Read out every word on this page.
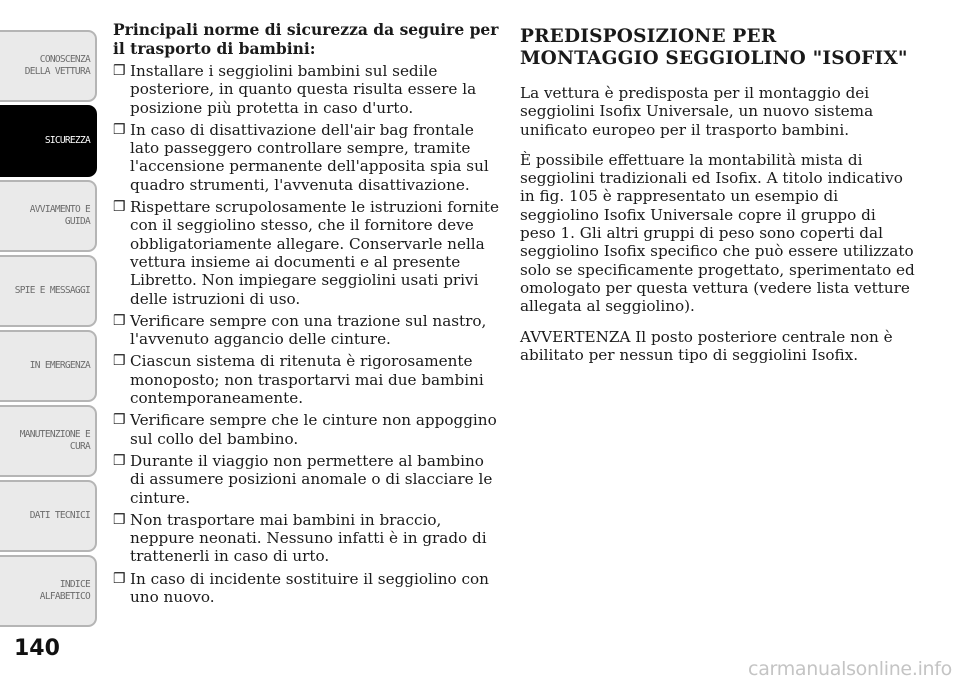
CONOSCENZA
DELLA VETTURA
SICUREZZA
AVVIAMENTO E
GUIDA
SPIE E MESSAGGI
IN EMERGENZA
MANUTENZIONE E
CURA
DATI TECNICI
INDICE
ALFABETICO
140

Principali norme di sicurezza da seguire per il trasporto di bambini:

❒ Installare i seggiolini bambini sul sedile posteriore, in quanto questa risulta essere la posizione più protetta in caso d'urto.
❒ In caso di disattivazione dell'air bag frontale lato passeggero controllare sempre, tramite l'accensione permanente dell'apposita spia sul quadro strumenti, l'avvenuta disattivazione.
❒ Rispettare scrupolosamente le istruzioni fornite con il seggiolino stesso, che il fornitore deve obbligatoriamente allegare. Conservarle nella vettura insieme ai documenti e al presente Libretto. Non impiegare seggiolini usati privi delle istruzioni di uso.
❒ Verificare sempre con una trazione sul nastro, l'avvenuto aggancio delle cinture.
❒ Ciascun sistema di ritenuta è rigorosamente monoposto; non trasportarvi mai due bambini contemporaneamente.
❒ Verificare sempre che le cinture non appoggino sul collo del bambino.
❒ Durante il viaggio non permettere al bambino di assumere posizioni anomale o di slacciare le cinture.
❒ Non trasportare mai bambini in braccio, neppure neonati. Nessuno infatti è in grado di trattenerli in caso di urto.
❒ In caso di incidente sostituire il seggiolino con uno nuovo.
PREDISPOSIZIONE PER MONTAGGIO SEGGIOLINO "ISOFIX"

La vettura è predisposta per il montaggio dei seggiolini Isofix Universale, un nuovo sistema unificato europeo per il trasporto bambini.

È possibile effettuare la montabilità mista di seggiolini tradizionali ed Isofix. A titolo indicativo in fig. 105 è rappresentato un esempio di seggiolino Isofix Universale copre il gruppo di peso 1. Gli altri gruppi di peso sono coperti dal seggiolino Isofix specifico che può essere utilizzato solo se specificamente progettato, sperimentato ed omologato per questa vettura (vedere lista vetture allegata al seggiolino).

AVVERTENZA Il posto posteriore centrale non è abilitato per nessun tipo di seggiolini Isofix.

carmanualsonline.info
